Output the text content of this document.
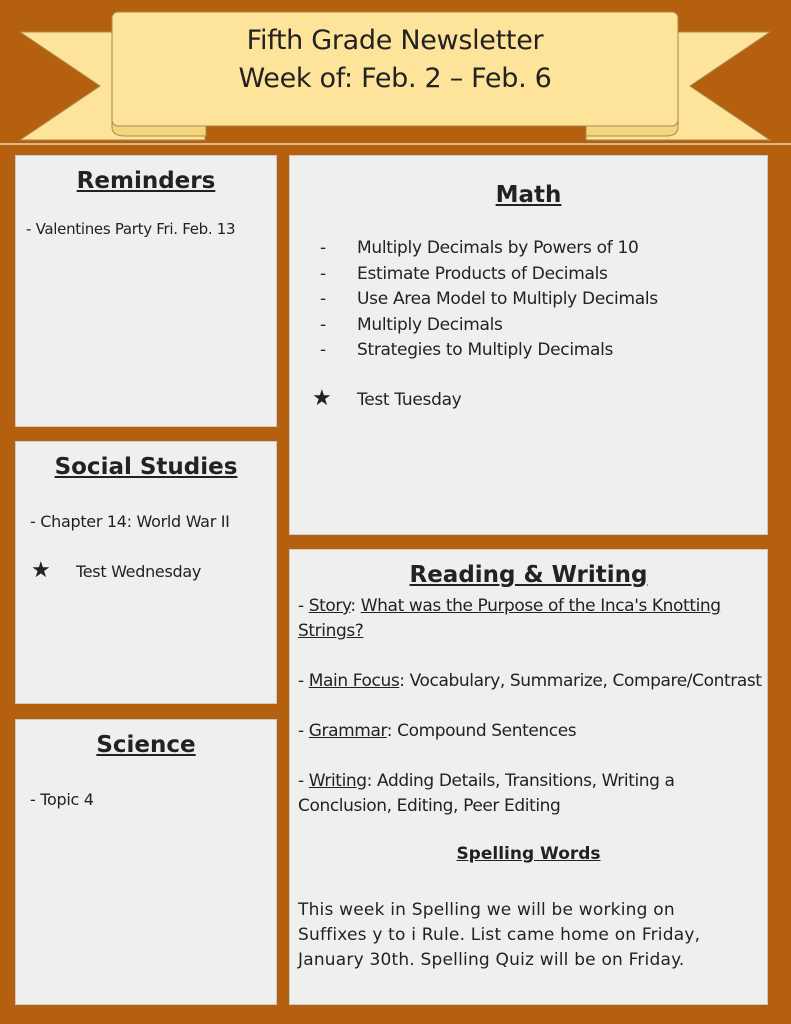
Fifth Grade Newsletter
Week of: Feb. 2 – Feb. 6
Reminders
- Valentines Party Fri. Feb. 13
Social Studies
- Chapter 14: World War II
★ Test Wednesday
Science
- Topic 4
Math
- Multiply Decimals by Powers of 10
- Estimate Products of Decimals
- Use Area Model to Multiply Decimals
- Multiply Decimals
- Strategies to Multiply Decimals
★ Test Tuesday
Reading & Writing
- Story: What was the Purpose of the Inca's Knotting Strings?
- Main Focus: Vocabulary, Summarize, Compare/Contrast
- Grammar: Compound Sentences
- Writing: Adding Details, Transitions, Writing a Conclusion, Editing, Peer Editing
Spelling Words
This week in Spelling we will be working on Suffixes y to i Rule. List came home on Friday, January 30th. Spelling Quiz will be on Friday.
